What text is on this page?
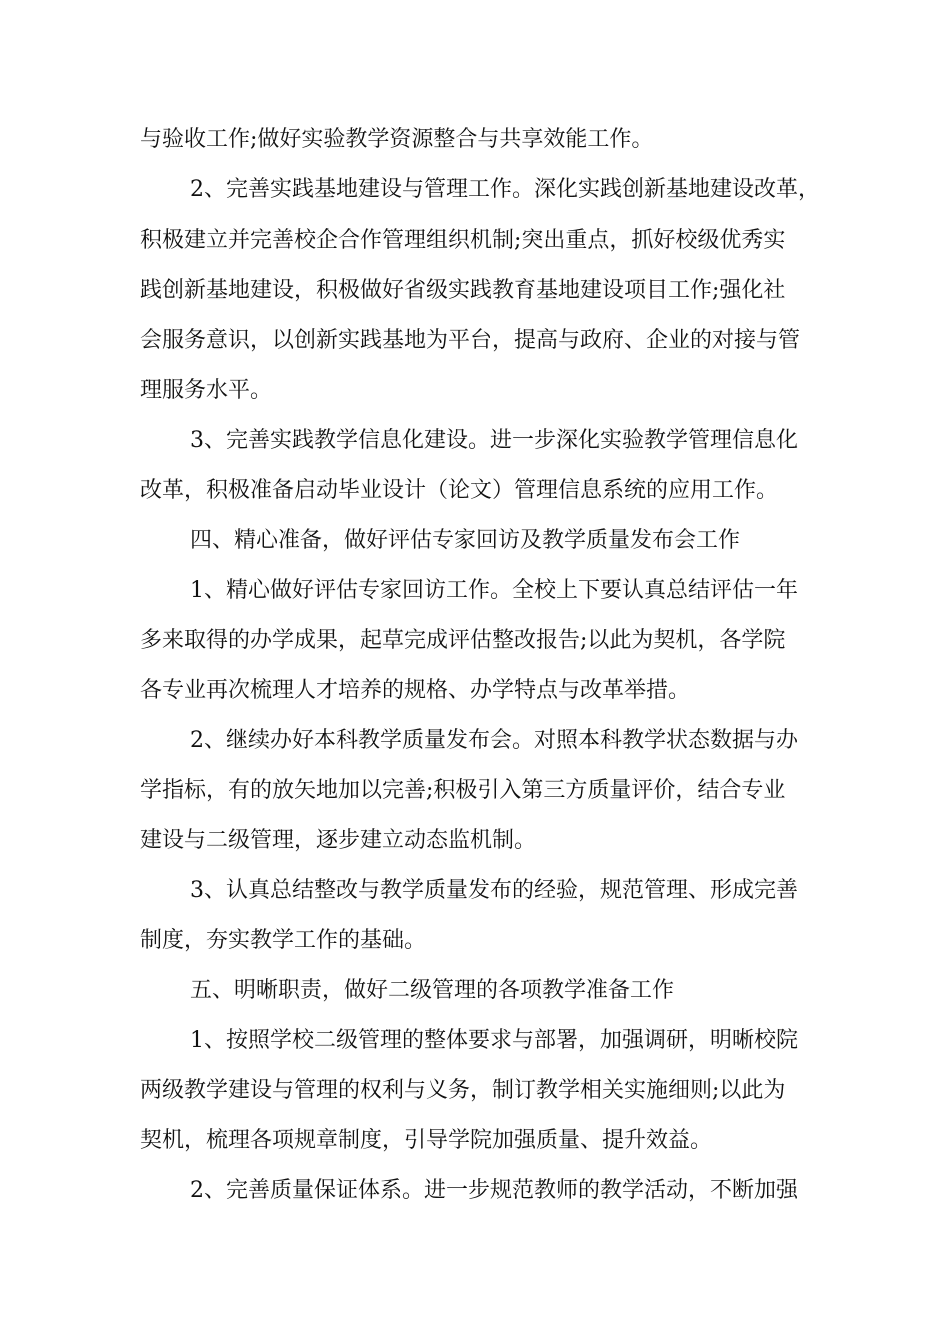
与验收工作;做好实验教学资源整合与共享效能工作。
2、完善实践基地建设与管理工作。深化实践创新基地建设改革，
积极建立并完善校企合作管理组织机制;突出重点，抓好校级优秀实
践创新基地建设，积极做好省级实践教育基地建设项目工作;强化社
会服务意识，以创新实践基地为平台，提高与政府、企业的对接与管
理服务水平。
3、完善实践教学信息化建设。进一步深化实验教学管理信息化
改革，积极准备启动毕业设计（论文）管理信息系统的应用工作。
四、精心准备，做好评估专家回访及教学质量发布会工作
1、精心做好评估专家回访工作。全校上下要认真总结评估一年
多来取得的办学成果，起草完成评估整改报告;以此为契机，各学院
各专业再次梳理人才培养的规格、办学特点与改革举措。
2、继续办好本科教学质量发布会。对照本科教学状态数据与办
学指标，有的放矢地加以完善;积极引入第三方质量评价，结合专业
建设与二级管理，逐步建立动态监机制。
3、认真总结整改与教学质量发布的经验，规范管理、形成完善
制度，夯实教学工作的基础。
五、明晰职责，做好二级管理的各项教学准备工作
1、按照学校二级管理的整体要求与部署，加强调研，明晰校院
两级教学建设与管理的权利与义务，制订教学相关实施细则;以此为
契机，梳理各项规章制度，引导学院加强质量、提升效益。
2、完善质量保证体系。进一步规范教师的教学活动，不断加强
